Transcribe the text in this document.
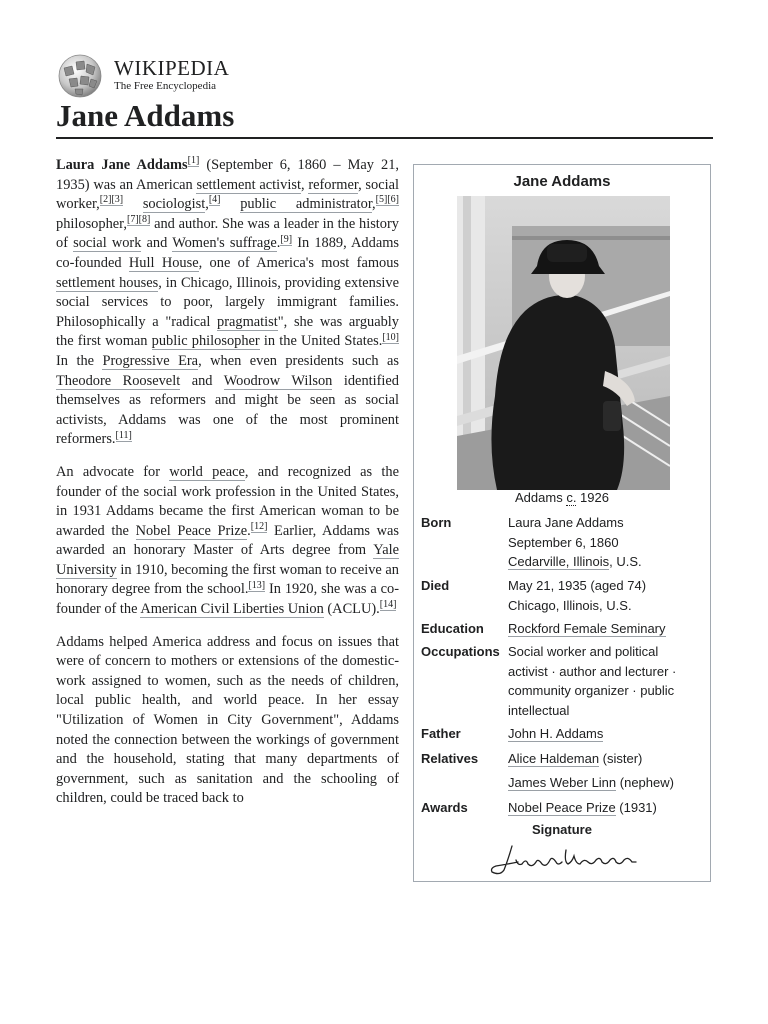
WIKIPEDIA
The Free Encyclopedia
Jane Addams

Laura Jane Addams[1] (September 6, 1860 – May 21, 1935) was an American settlement activist, reformer, social worker,[2][3] sociologist,[4] public administrator,[5][6] philosopher,[7][8] and author. She was a leader in the history of social work and Women's suffrage.[9] In 1889, Addams co-founded Hull House, one of America's most famous settlement houses, in Chicago, Illinois, providing extensive social services to poor, largely immigrant families. Philosophically a "radical pragmatist", she was arguably the first woman public philosopher in the United States.[10] In the Progressive Era, when even presidents such as Theodore Roosevelt and Woodrow Wilson identified themselves as reformers and might be seen as social activists, Addams was one of the most prominent reformers.[11]

An advocate for world peace, and recognized as the founder of the social work profession in the United States, in 1931 Addams became the first American woman to be awarded the Nobel Peace Prize.[12] Earlier, Addams was awarded an honorary Master of Arts degree from Yale University in 1910, becoming the first woman to receive an honorary degree from the school.[13] In 1920, she was a co-founder of the American Civil Liberties Union (ACLU).[14]

Addams helped America address and focus on issues that were of concern to mothers or extensions of the domestic-work assigned to women, such as the needs of children, local public health, and world peace. In her essay "Utilization of Women in City Government", Addams noted the connection between the workings of government and the household, stating that many departments of government, such as sanitation and the schooling of children, could be traced back to

Jane Addams
Addams c. 1926
Born	Laura Jane Addams
September 6, 1860
Cedarville, Illinois, U.S.
Died	May 21, 1935 (aged 74)
Chicago, Illinois, U.S.
Education	Rockford Female Seminary
Occupations Social worker and political activist · author and lecturer · community organizer · public intellectual
Father	John H. Addams
Relatives	Alice Haldeman (sister)
James Weber Linn (nephew)
Awards	Nobel Peace Prize (1931)
Signature
